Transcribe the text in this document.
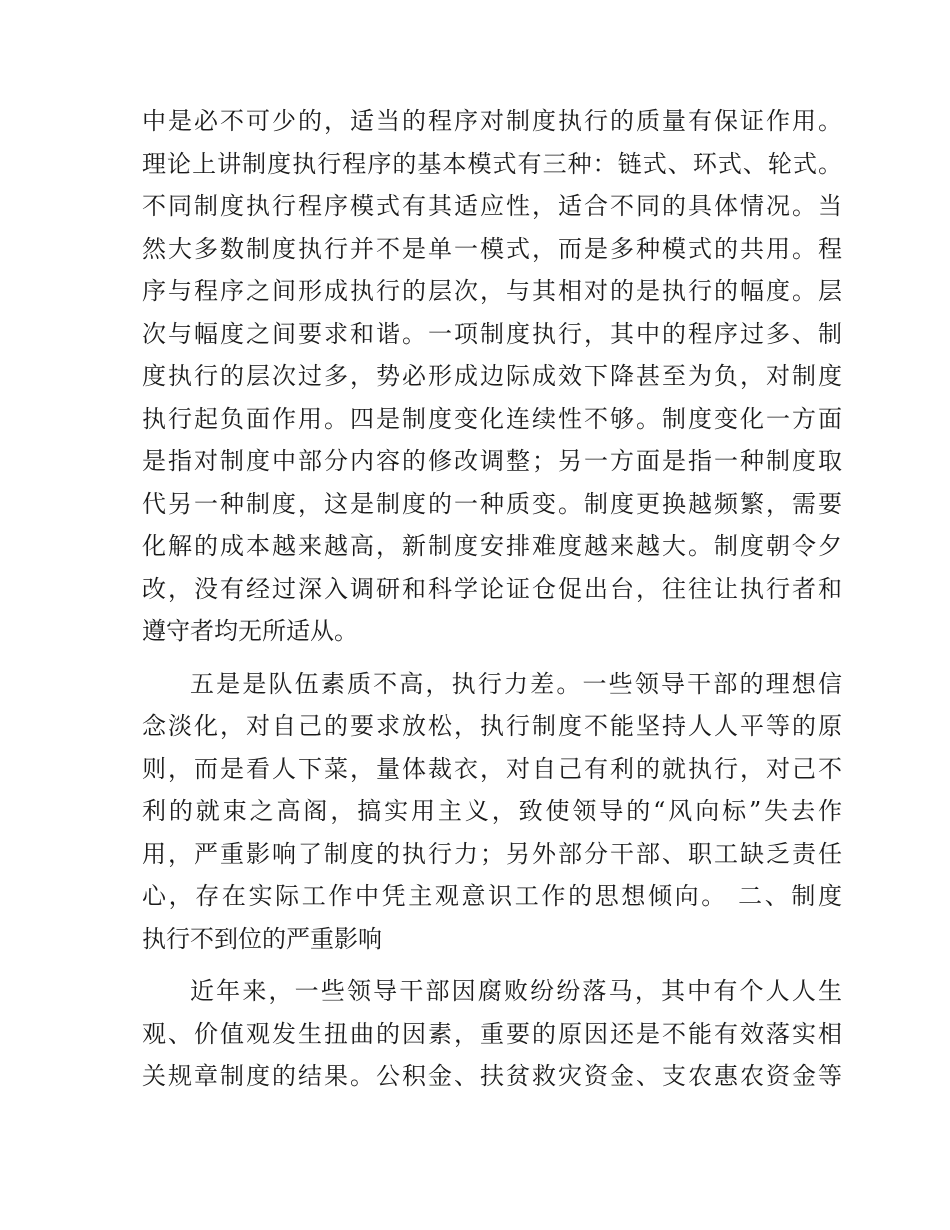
中是必不可少的，适当的程序对制度执行的质量有保证作用。
理论上讲制度执行程序的基本模式有三种：链式、环式、轮式。
不同制度执行程序模式有其适应性，适合不同的具体情况。当
然大多数制度执行并不是单一模式，而是多种模式的共用。程
序与程序之间形成执行的层次，与其相对的是执行的幅度。层
次与幅度之间要求和谐。一项制度执行，其中的程序过多、制
度执行的层次过多，势必形成边际成效下降甚至为负，对制度
执行起负面作用。四是制度变化连续性不够。制度变化一方面
是指对制度中部分内容的修改调整；另一方面是指一种制度取
代另一种制度，这是制度的一种质变。制度更换越频繁，需要
化解的成本越来越高，新制度安排难度越来越大。制度朝令夕
改，没有经过深入调研和科学论证仓促出台，往往让执行者和
遵守者均无所适从。
五是是队伍素质不高，执行力差。一些领导干部的理想信
念淡化，对自己的要求放松，执行制度不能坚持人人平等的原
则，而是看人下菜，量体裁衣，对自己有利的就执行，对己不
利的就束之高阁，搞实用主义，致使领导的“风向标”失去作
用，严重影响了制度的执行力；另外部分干部、职工缺乏责任
心，存在实际工作中凭主观意识工作的思想倾向。 二、制度
执行不到位的严重影响
近年来，一些领导干部因腐败纷纷落马，其中有个人人生
观、价值观发生扭曲的因素，重要的原因还是不能有效落实相
关规章制度的结果。公积金、扶贫救灾资金、支农惠农资金等
